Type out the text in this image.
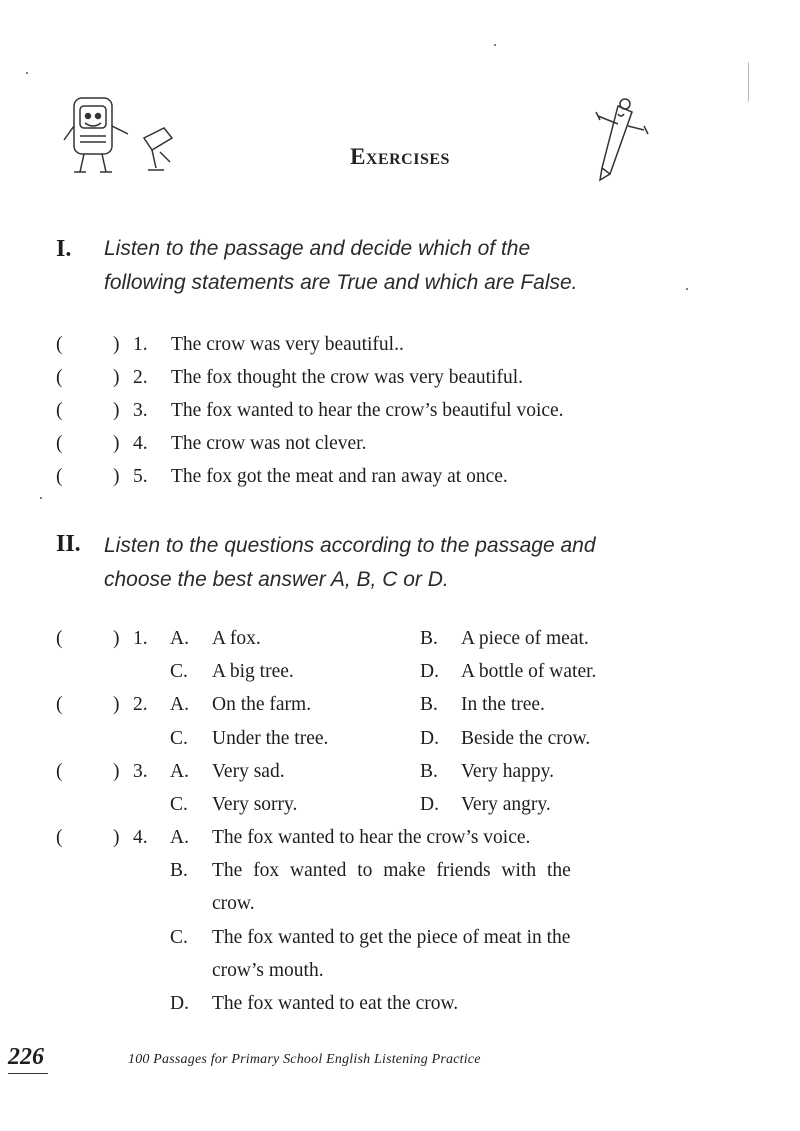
Exercises
I. Listen to the passage and decide which of the
following statements are True and which are False.
(	) 1. The crow was very beautiful..
(	) 2. The fox thought the crow was very beautiful.
(	) 3. The fox wanted to hear the crow’s beautiful voice.
(	) 4. The crow was not clever.
(	) 5. The fox got the meat and ran away at once.
II. Listen to the questions according to the passage and
choose the best answer A, B, C or D.
(	) 1. A. A fox.	B. A piece of meat.
C. A big tree.	D. A bottle of water.
(	) 2. A. On the farm.	B. In the tree.
C. Under the tree.	D. Beside the crow.
(	) 3. A. Very sad.	B. Very happy.
C. Very sorry.	D. Very angry.
(	) 4. A. The fox wanted to hear the crow’s voice.
B. The fox wanted to make friends with the
crow.
C. The fox wanted to get the piece of meat in the
crow’s mouth.
D. The fox wanted to eat the crow.
226	100 Passages for Primary School English Listening Practice
